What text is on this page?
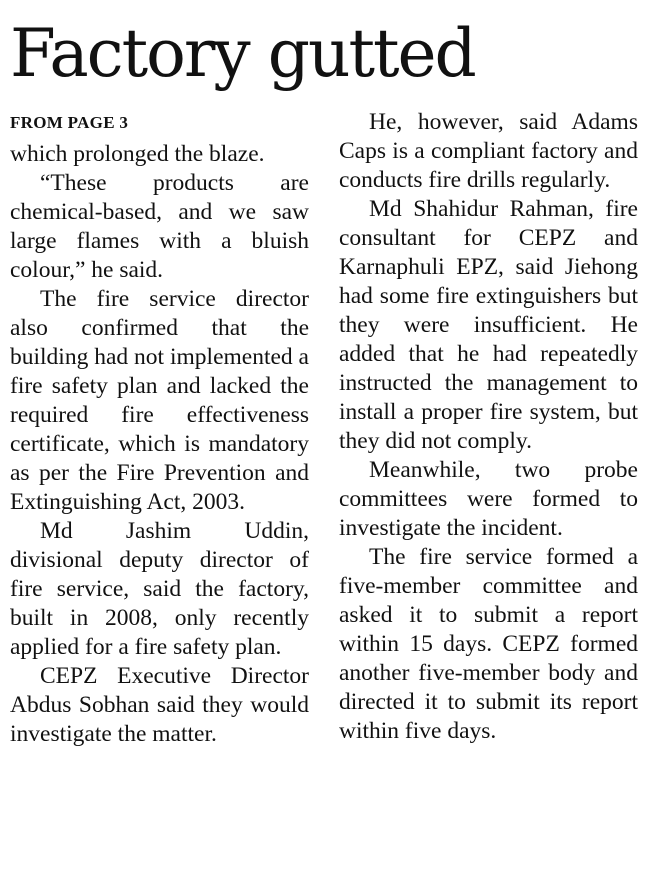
Factory gutted
FROM PAGE 3

which prolonged the blaze.

“These products are chemical-based, and we saw large flames with a bluish colour,” he said.

The fire service director also confirmed that the building had not implemented a fire safety plan and lacked the required fire effectiveness certificate, which is mandatory as per the Fire Prevention and Extinguishing Act, 2003.

Md Jashim Uddin, divisional deputy director of fire service, said the factory, built in 2008, only recently applied for a fire safety plan.

CEPZ Executive Director Abdus Sobhan said they would investigate the matter.

He, however, said Adams Caps is a compliant factory and conducts fire drills regularly.

Md Shahidur Rahman, fire consultant for CEPZ and Karnaphuli EPZ, said Jiehong had some fire extinguishers but they were insufficient. He added that he had repeatedly instructed the management to install a proper fire system, but they did not comply.

Meanwhile, two probe committees were formed to investigate the incident.

The fire service formed a five-member committee and asked it to submit a report within 15 days. CEPZ formed another five-member body and directed it to submit its report within five days.
